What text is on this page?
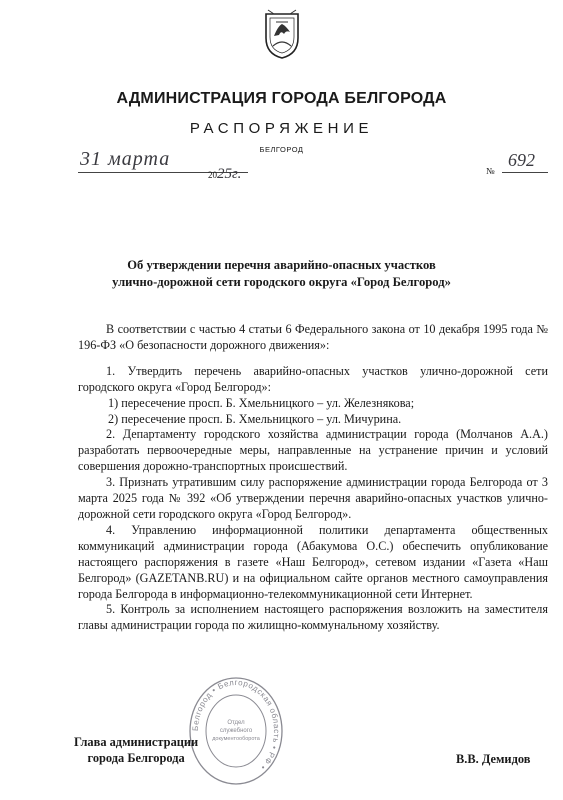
АДМИНИСТРАЦИЯ ГОРОДА БЕЛГОРОДА
РАСПОРЯЖЕНИЕ
БЕЛГОРОД
31 марта
2025г.	№
692
Об утверждении перечня аварийно-опасных участков
улично-дорожной сети городского округа «Город Белгород»

В соответствии с частью 4 статьи 6 Федерального закона от 10 декабря 1995 года № 196-ФЗ «О безопасности дорожного движения»:

1. Утвердить перечень аварийно-опасных участков улично-дорожной сети городского округа «Город Белгород»:

1) пересечение просп. Б. Хмельницкого – ул. Железнякова;

2) пересечение просп. Б. Хмельницкого – ул. Мичурина.

2. Департаменту городского хозяйства администрации города (Молчанов А.А.) разработать первоочередные меры, направленные на устранение причин и условий совершения дорожно-транспортных происшествий.

3. Признать утратившим силу распоряжение администрации города Белгорода от 3 марта 2025 года № 392 «Об утверждении перечня аварийно-опасных участков улично-дорожной сети городского округа «Город Белгород».

4. Управлению информационной политики департамента общественных коммуникаций администрации города (Абакумова О.С.) обеспечить опубликование настоящего распоряжения в газете «Наш Белгород», сетевом издании «Газета «Наш Белгород» (GAZETANB.RU) и на официальном сайте органов местного самоуправления города Белгорода в информационно-телекоммуникационной сети Интернет.

5. Контроль за исполнением настоящего распоряжения возложить на заместителя главы администрации города по жилищно-коммунальному хозяйству.

Белгород • Белгородская область • РФ •
Отдел
служебного
документооборота
Глава администрации
города Белгорода	В.В. Демидов
